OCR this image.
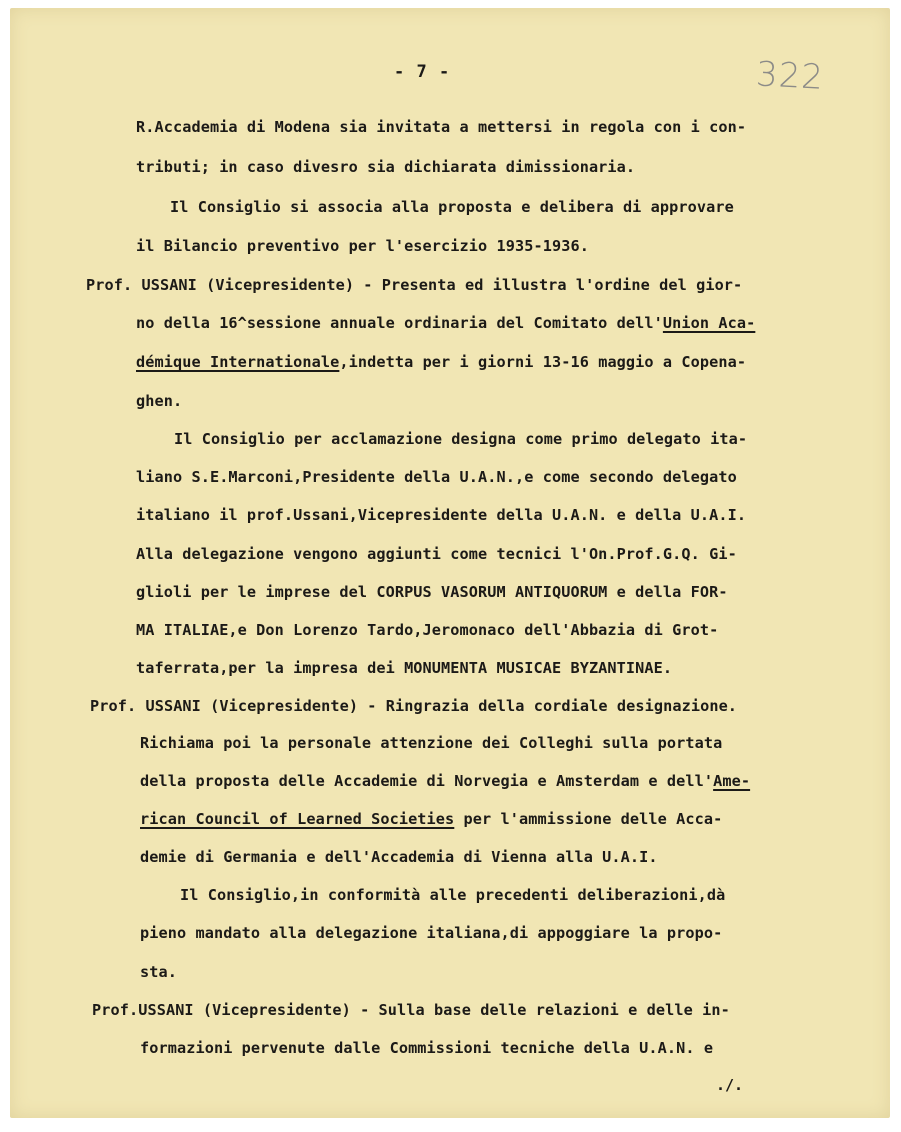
- 7 -	322
R.Accademia di Modena sia invitata a mettersi in regola con i con-
tributi; in caso divesro sia dichiarata dimissionaria.
Il Consiglio si associa alla proposta e delibera di approvare
il Bilancio preventivo per l'esercizio 1935-1936.
Prof. USSANI (Vicepresidente) - Presenta ed illustra l'ordine del gior-
no della 16^sessione annuale ordinaria del Comitato dell'Union Aca-
démique Internationale,indetta per i giorni 13-16 maggio a Copena-
ghen.
Il Consiglio per acclamazione designa come primo delegato ita-
liano S.E.Marconi,Presidente della U.A.N.,e come secondo delegato
italiano il prof.Ussani,Vicepresidente della U.A.N. e della U.A.I.
Alla delegazione vengono aggiunti come tecnici l'On.Prof.G.Q. Gi-
glioli per le imprese del CORPUS VASORUM ANTIQUORUM e della FOR-
MA ITALIAE,e Don Lorenzo Tardo,Jeromonaco dell'Abbazia di Grot-
taferrata,per la impresa dei MONUMENTA MUSICAE BYZANTINAE.
Prof. USSANI (Vicepresidente) - Ringrazia della cordiale designazione.
Richiama poi la personale attenzione dei Colleghi sulla portata
della proposta delle Accademie di Norvegia e Amsterdam e dell'Ame-
rican Council of Learned Societies per l'ammissione delle Acca-
demie di Germania e dell'Accademia di Vienna alla U.A.I.
Il Consiglio,in conformità alle precedenti deliberazioni,dà
pieno mandato alla delegazione italiana,di appoggiare la propo-
sta.
Prof.USSANI (Vicepresidente) - Sulla base delle relazioni e delle in-
formazioni pervenute dalle Commissioni tecniche della U.A.N. e
./.
